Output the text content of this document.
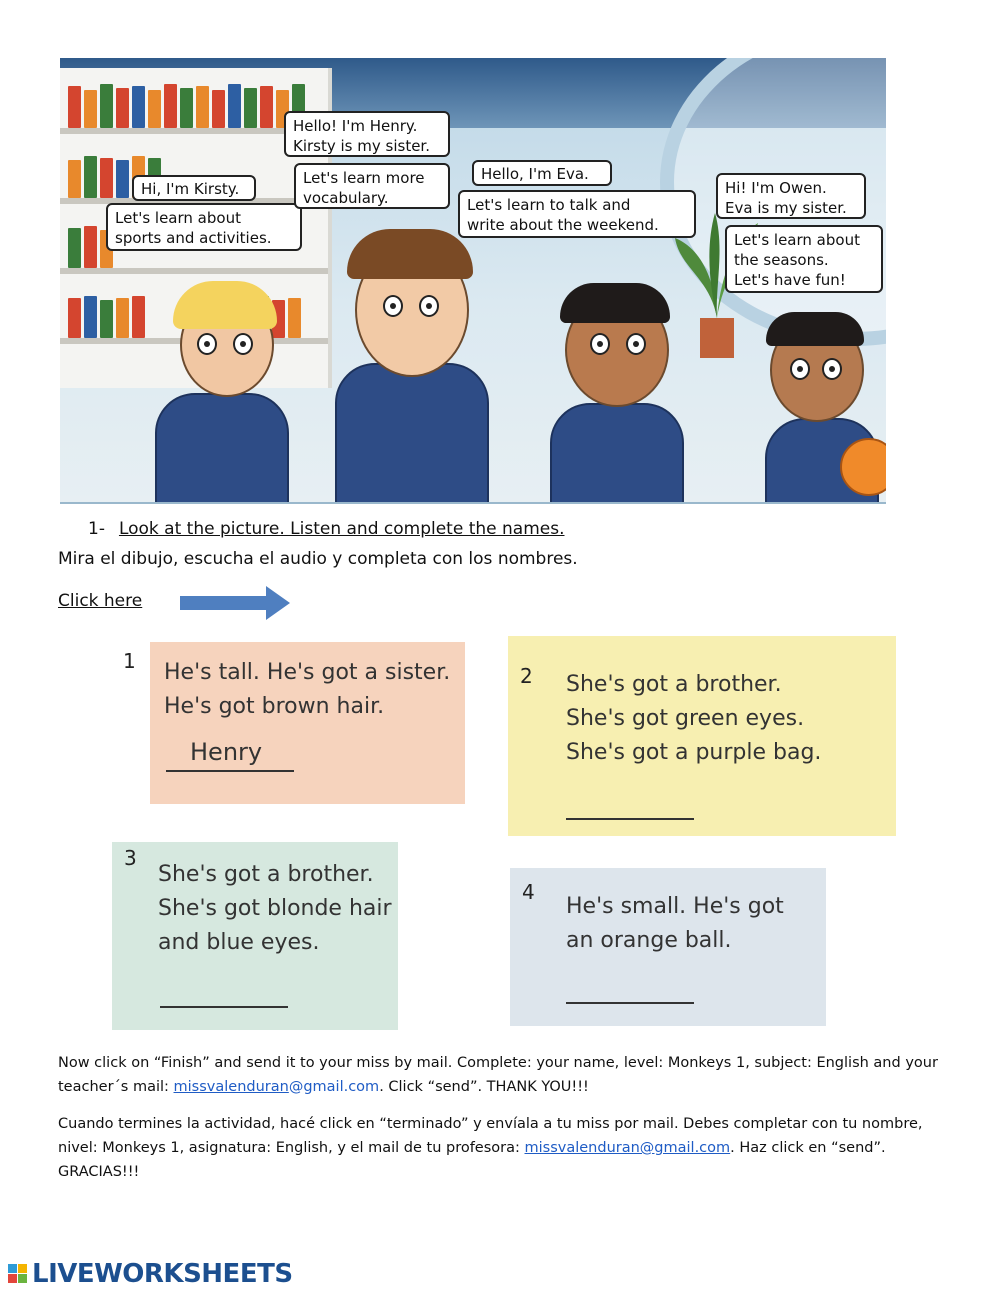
Hi, I'm Kirsty.
Let's learn about
sports and activities.
Hello! I'm Henry.
Kirsty is my sister.
Let's learn more
vocabulary.
Hello, I'm Eva.
Let's learn to talk and
write about the weekend.
Hi! I'm Owen.
Eva is my sister.
Let's learn about
the seasons.
Let's have fun!
1- Look at the picture. Listen and complete the names.
Mira el dibujo, escucha el audio y completa con los nombres.
Click here
1 He's tall. He's got a sister.
He's got brown hair.
Henry
2 She's got a brother.
She's got green eyes.
She's got a purple bag.
3
She's got a brother.
She's got blonde hair
and blue eyes.
4
He's small. He's got
an orange ball.
Now click on “Finish” and send it to your miss by mail. Complete: your name, level: Monkeys 1, subject: English and your teacher´s mail: missvalenduran@gmail.com. Click “send”. THANK YOU!!!
Cuando termines la actividad, hacé click en “terminado” y envíala a tu miss por mail. Debes completar con tu nombre, nivel: Monkeys 1, asignatura: English, y el mail de tu profesora: missvalenduran@gmail.com. Haz click en “send”. GRACIAS!!!
LIVEWORKSHEETS
